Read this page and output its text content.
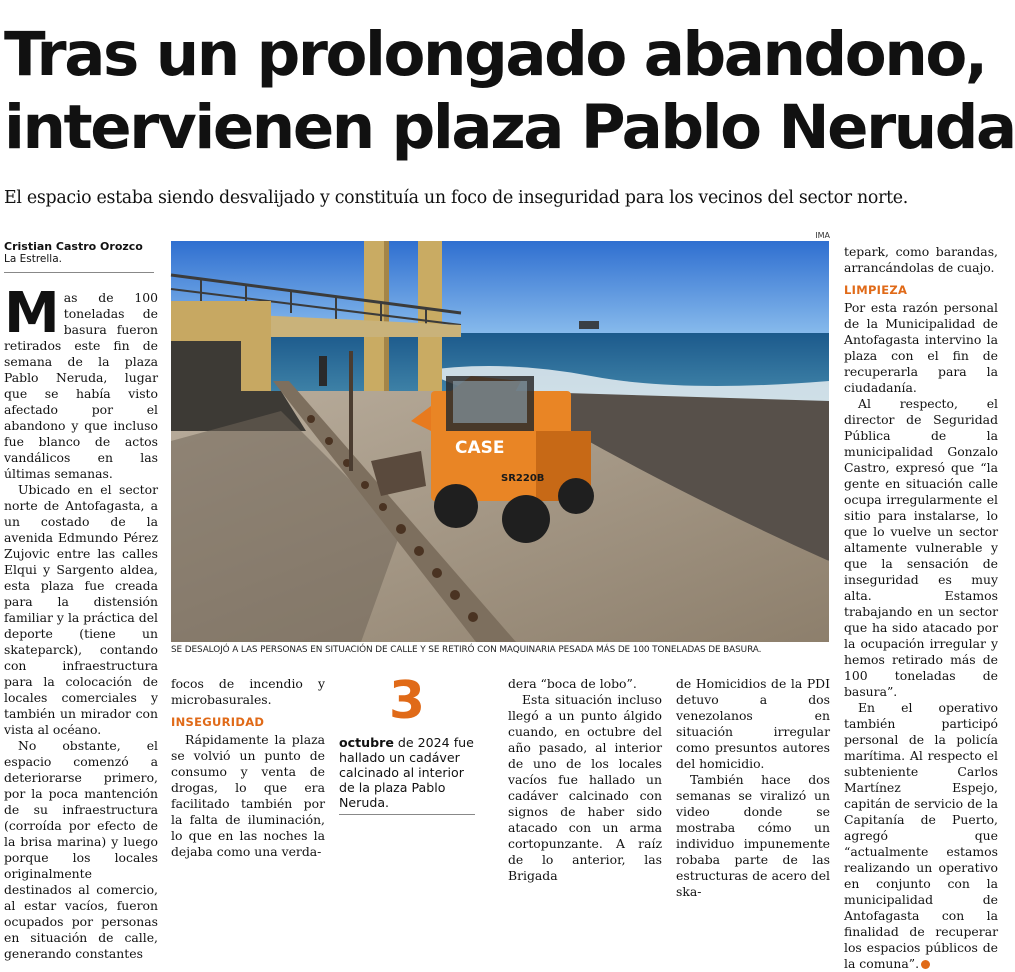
Tras un prolongado abandono,
intervienen plaza Pablo Neruda
El espacio estaba siendo desvalijado y constituía un foco de inseguridad para los vecinos del sector norte.
Cristian Castro Orozco
La Estrella.

Mas de 100 toneladas de basura fueron retirados este fin de semana de la plaza Pablo Neruda, lugar que se había visto afectado por el abandono y que incluso fue blanco de actos vandálicos en las últimas semanas.

Ubicado en el sector norte de Antofagasta, a un costado de la avenida Edmundo Pérez Zujovic entre las calles Elqui y Sargento aldea, esta plaza fue creada para la distensión familiar y la práctica del deporte (tiene un skateparck), contando con infraestructura para la colocación de locales comerciales y también un mirador con vista al océano.

No obstante, el espacio comenzó a deteriorarse primero, por la poca mantención de su infraestructura (corroída por efecto de la brisa marina) y luego porque los locales originalmente destinados al comercio, al estar vacíos, fueron ocupados por personas en situación de calle, generando constantes

IMA
CASE
SR220B
SE DESALOJÓ A LAS PERSONAS EN SITUACIÓN DE CALLE Y SE RETIRÓ CON MAQUINARIA PESADA MÁS DE 100 TONELADAS DE BASURA.

focos de incendio y microbasurales.

INSEGURIDAD

Rápidamente la plaza se volvió un punto de consumo y venta de drogas, lo que era facilitado también por la falta de iluminación, lo que en las noches la dejaba como una verda-

3
octubre de 2024 fue hallado un cadáver calcinado al interior de la plaza Pablo Neruda.

dera “boca de lobo”.

Esta situación incluso llegó a un punto álgido cuando, en octubre del año pasado, al interior de uno de los locales vacíos fue hallado un cadáver calcinado con signos de haber sido atacado con un arma cortopunzante. A raíz de lo anterior, las Brigada

de Homicidios de la PDI detuvo a dos venezolanos en situación irregular como presuntos autores del homicidio.

También hace dos semanas se viralizó un video donde se mostraba cómo un individuo impunemente robaba parte de las estructuras de acero del ska-

tepark, como barandas, arrancándolas de cuajo.

LIMPIEZA

Por esta razón personal de la Municipalidad de Antofagasta intervino la plaza con el fin de recuperarla para la ciudadanía.

Al respecto, el director de Seguridad Pública de la municipalidad Gonzalo Castro, expresó que “la gente en situación calle ocupa irregularmente el sitio para instalarse, lo que lo vuelve un sector altamente vulnerable y que la sensación de inseguridad es muy alta. Estamos trabajando en un sector que ha sido atacado por la ocupación irregular y hemos retirado más de 100 toneladas de basura”.

En el operativo también participó personal de la policía marítima. Al respecto el subteniente Carlos Martínez Espejo, capitán de servicio de la Capitanía de Puerto, agregó que “actualmente estamos realizando un operativo en conjunto con la municipalidad de Antofagasta con la finalidad de recuperar los espacios públicos de la comuna”.
